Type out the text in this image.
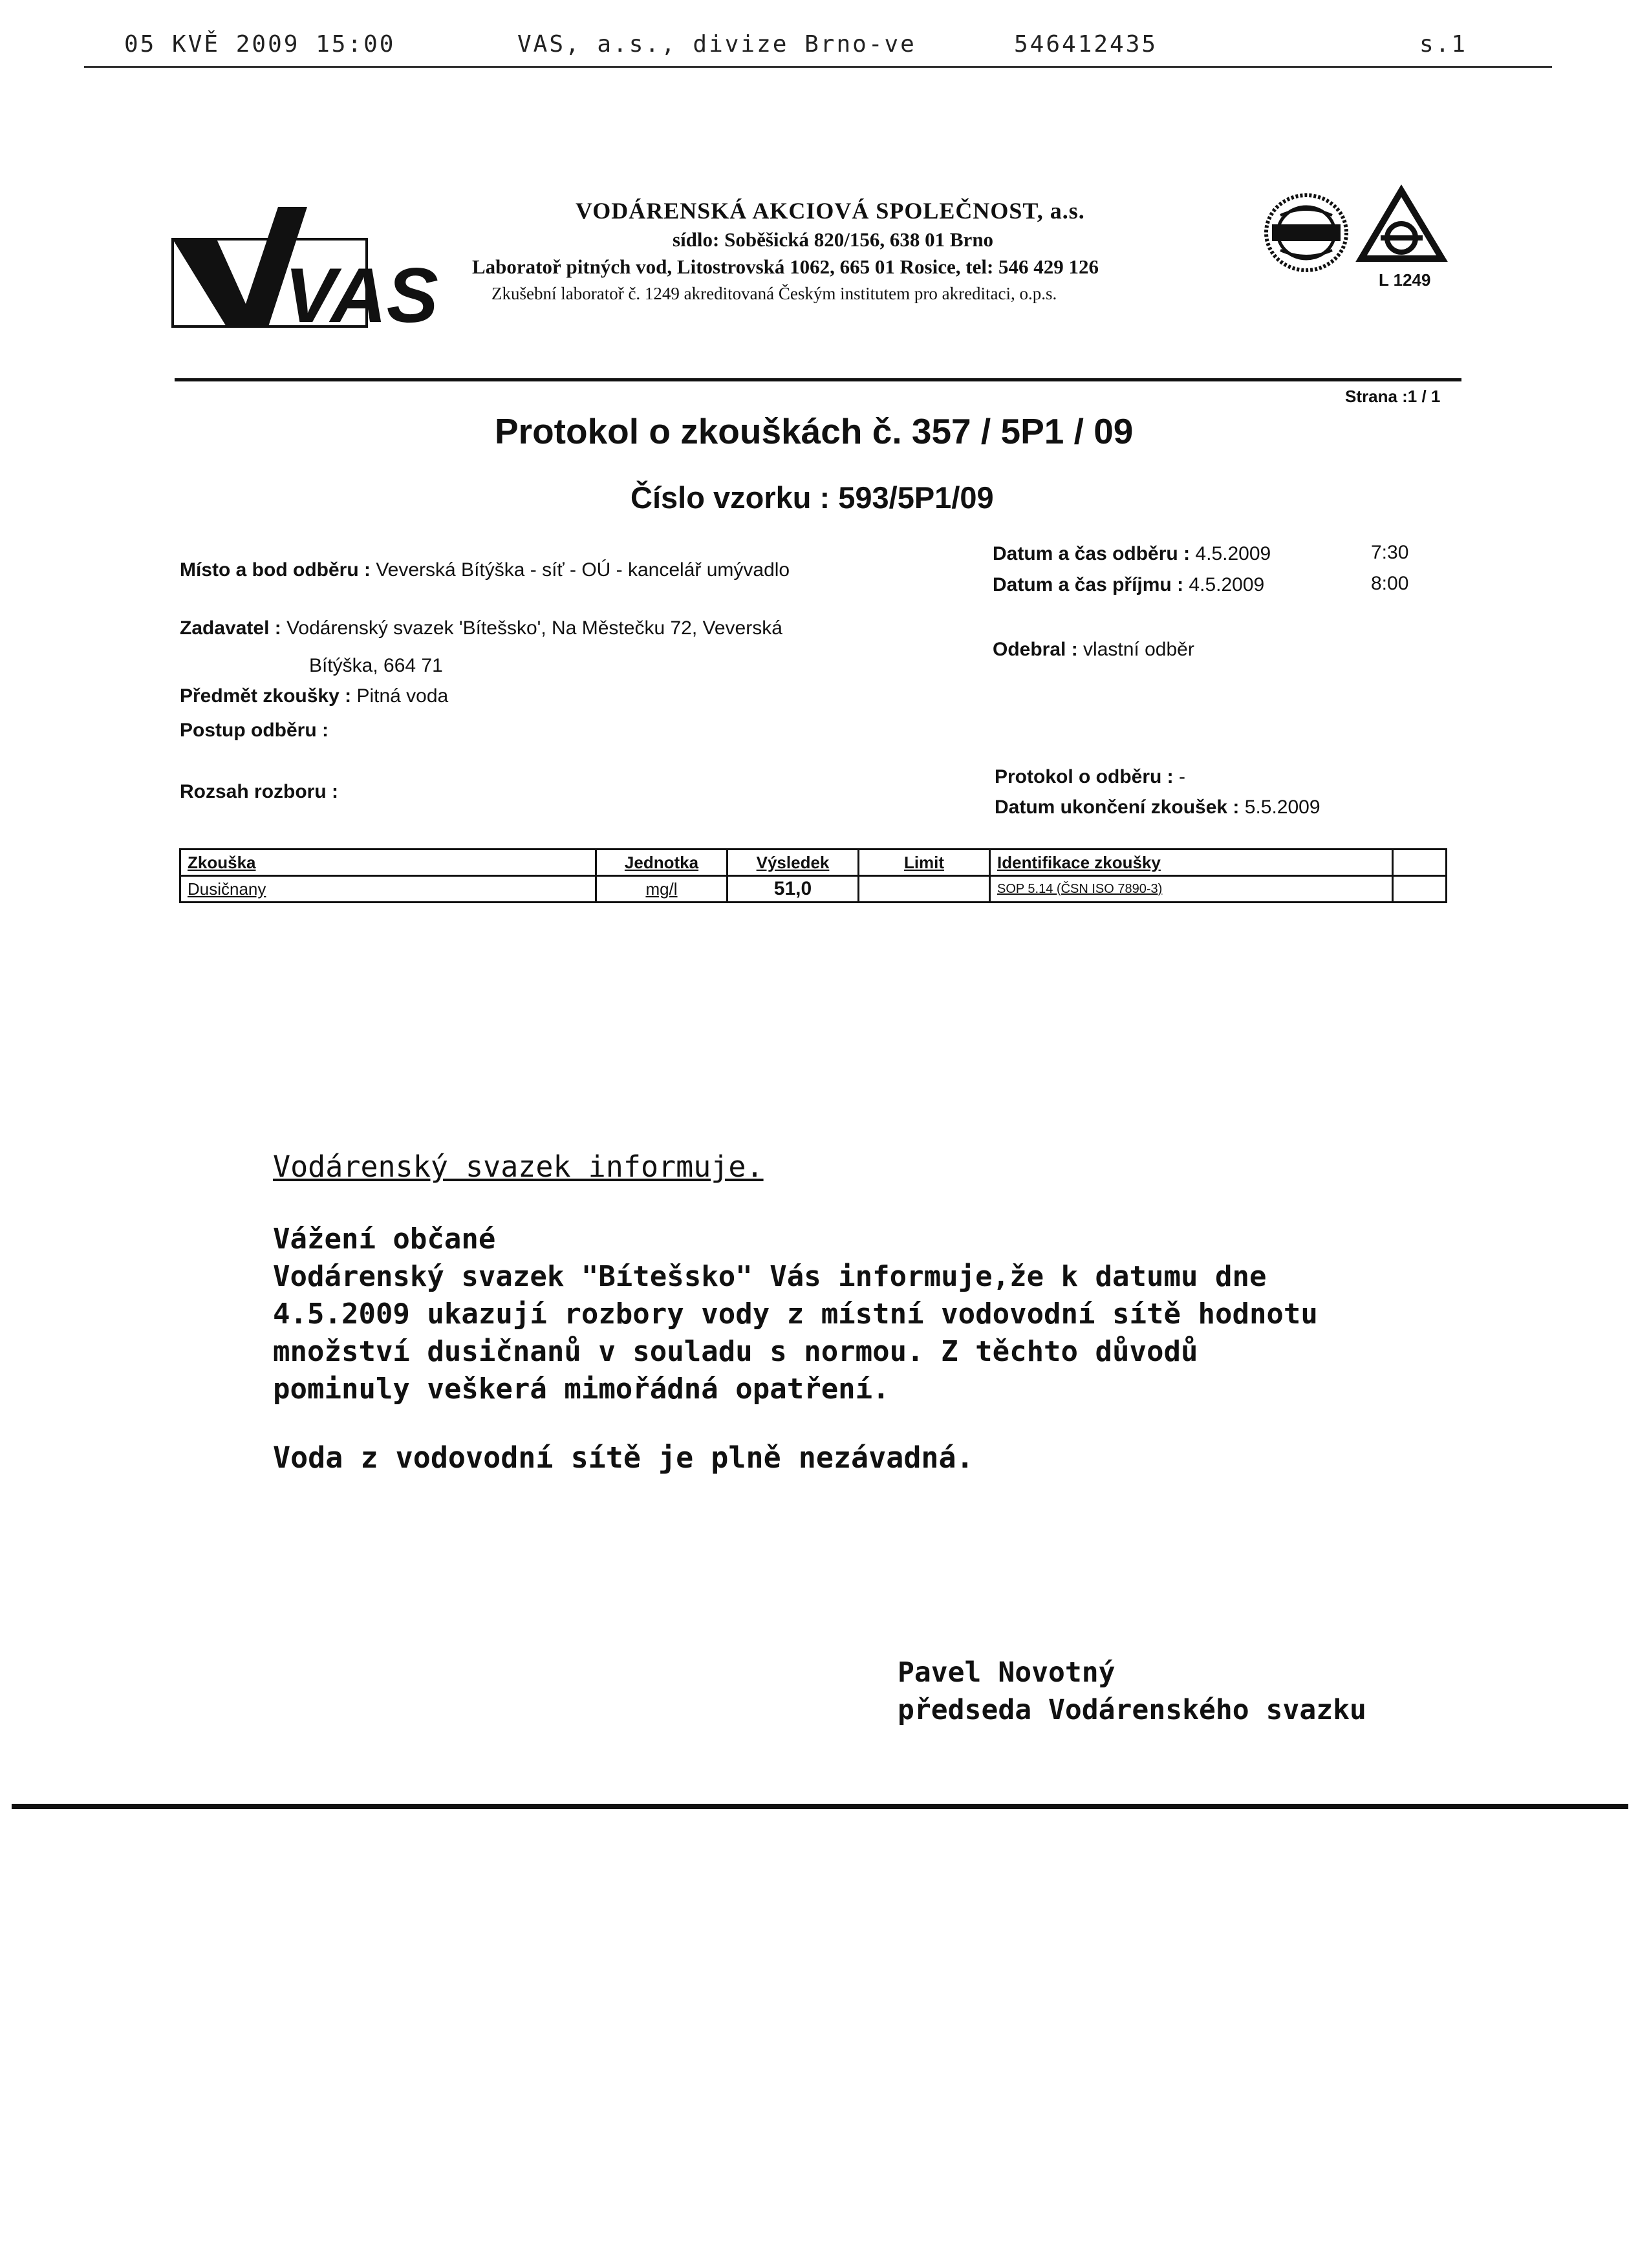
05 KVĚ 2009 15:00	VAS, a.s., divize Brno-ve	546412435	s.1
VAS
VODÁRENSKÁ AKCIOVÁ SPOLEČNOST, a.s.
sídlo: Soběšická 820/156, 638 01 Brno
Laboratoř pitných vod, Litostrovská 1062, 665 01 Rosice, tel: 546 429 126
Zkušební laboratoř č. 1249 akreditovaná Českým institutem pro akreditaci, o.p.s.
L 1249
Strana :1 / 1
Protokol o zkouškách č. 357 / 5P1 / 09
Číslo vzorku : 593/5P1/09
Místo a bod odběru : Veverská Bítýška - síť - OÚ - kancelář umývadlo
Zadavatel : Vodárenský svazek 'Bítešsko', Na Městečku 72, Veverská
Bítýška, 664 71
Předmět zkoušky : Pitná voda
Postup odběru :
Rozsah rozboru :
Datum a čas odběru : 4.5.2009	7:30
Datum a čas příjmu : 4.5.2009	8:00
Odebral : vlastní odběr
Protokol o odběru : -
Datum ukončení zkoušek : 5.5.2009
Zkouška	Jednotka	Výsledek	Limit	Identifikace zkoušky	
Dusičnany	mg/l	51,0		SOP 5.14 (ČSN ISO 7890-3)	
Vodárenský svazek informuje.
Vážení občané
Vodárenský svazek "Bítešsko" Vás informuje,že k datumu dne
4.5.2009 ukazují rozbory vody z místní vodovodní sítě hodnotu
množství dusičnanů v souladu s normou. Z těchto důvodů
pominuly veškerá mimořádná opatření.
Voda z vodovodní sítě je plně nezávadná.
Pavel Novotný
předseda Vodárenského svazku
